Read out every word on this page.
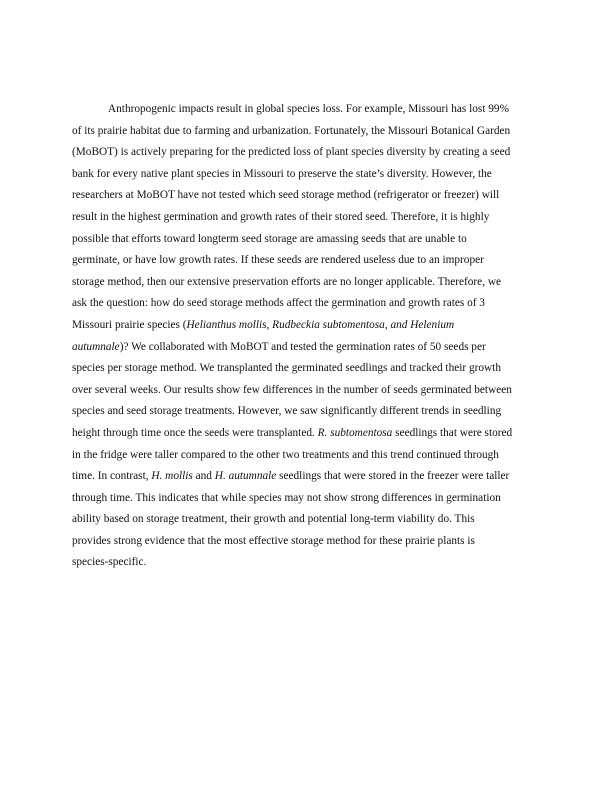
Anthropogenic impacts result in global species loss. For example, Missouri has lost 99%
of its prairie habitat due to farming and urbanization. Fortunately, the Missouri Botanical Garden
(MoBOT) is actively preparing for the predicted loss of plant species diversity by creating a seed
bank for every native plant species in Missouri to preserve the state’s diversity. However, the
researchers at MoBOT have not tested which seed storage method (refrigerator or freezer) will
result in the highest germination and growth rates of their stored seed. Therefore, it is highly
possible that efforts toward longterm seed storage are amassing seeds that are unable to
germinate, or have low growth rates. If these seeds are rendered useless due to an improper
storage method, then our extensive preservation efforts are no longer applicable. Therefore, we
ask the question: how do seed storage methods affect the germination and growth rates of 3
Missouri prairie species (Helianthus mollis, Rudbeckia subtomentosa, and Helenium
autumnale)? We collaborated with MoBOT and tested the germination rates of 50 seeds per
species per storage method. We transplanted the germinated seedlings and tracked their growth
over several weeks. Our results show few differences in the number of seeds germinated between
species and seed storage treatments. However, we saw significantly different trends in seedling
height through time once the seeds were transplanted. R. subtomentosa seedlings that were stored
in the fridge were taller compared to the other two treatments and this trend continued through
time. In contrast, H. mollis and H. autumnale seedlings that were stored in the freezer were taller
through time. This indicates that while species may not show strong differences in germination
ability based on storage treatment, their growth and potential long-term viability do. This
provides strong evidence that the most effective storage method for these prairie plants is
species-specific.
